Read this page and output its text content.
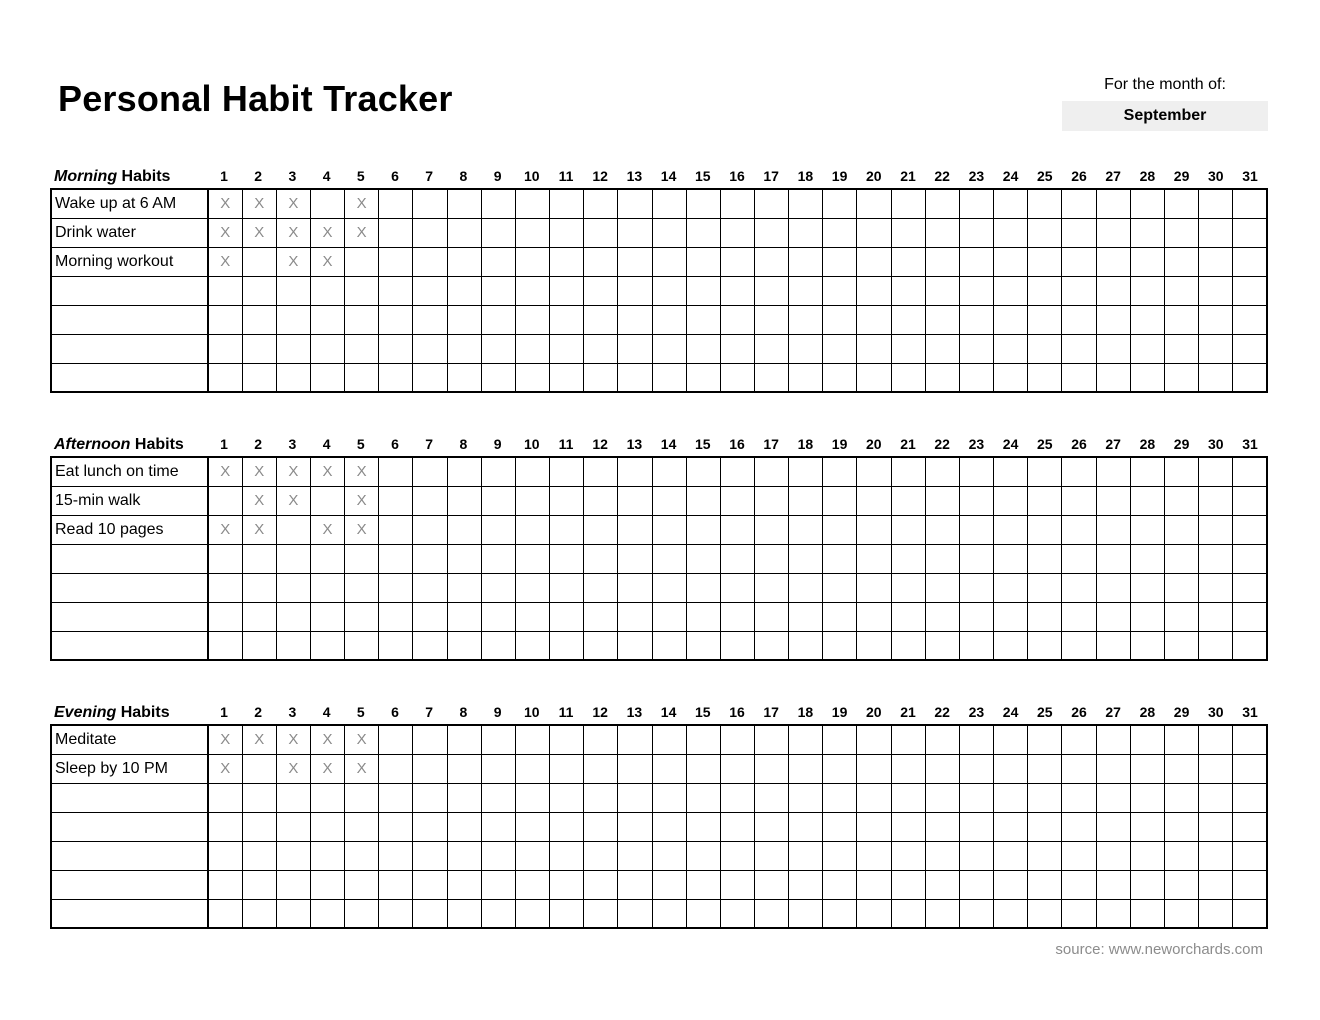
Personal Habit Tracker	For the month of:
September
Morning Habits	1	2	3	4	5	6	7	8	9	10	11	12	13	14	15	16	17	18	19	20	21	22	23	24	25	26	27	28	29	30	31
Wake up at 6 AM	X	X	X		X																										
Drink water	X	X	X	X	X																										
Morning workout	X		X	X																											

Afternoon Habits	1	2	3	4	5	6	7	8	9	10	11	12	13	14	15	16	17	18	19	20	21	22	23	24	25	26	27	28	29	30	31
Eat lunch on time	X	X	X	X	X																										
15-min walk		X	X		X																										
Read 10 pages	X	X		X	X																										

Evening Habits	1	2	3	4	5	6	7	8	9	10	11	12	13	14	15	16	17	18	19	20	21	22	23	24	25	26	27	28	29	30	31
Meditate	X	X	X	X	X																										
Sleep by 10 PM	X		X	X	X																										

source: www.neworchards.com
